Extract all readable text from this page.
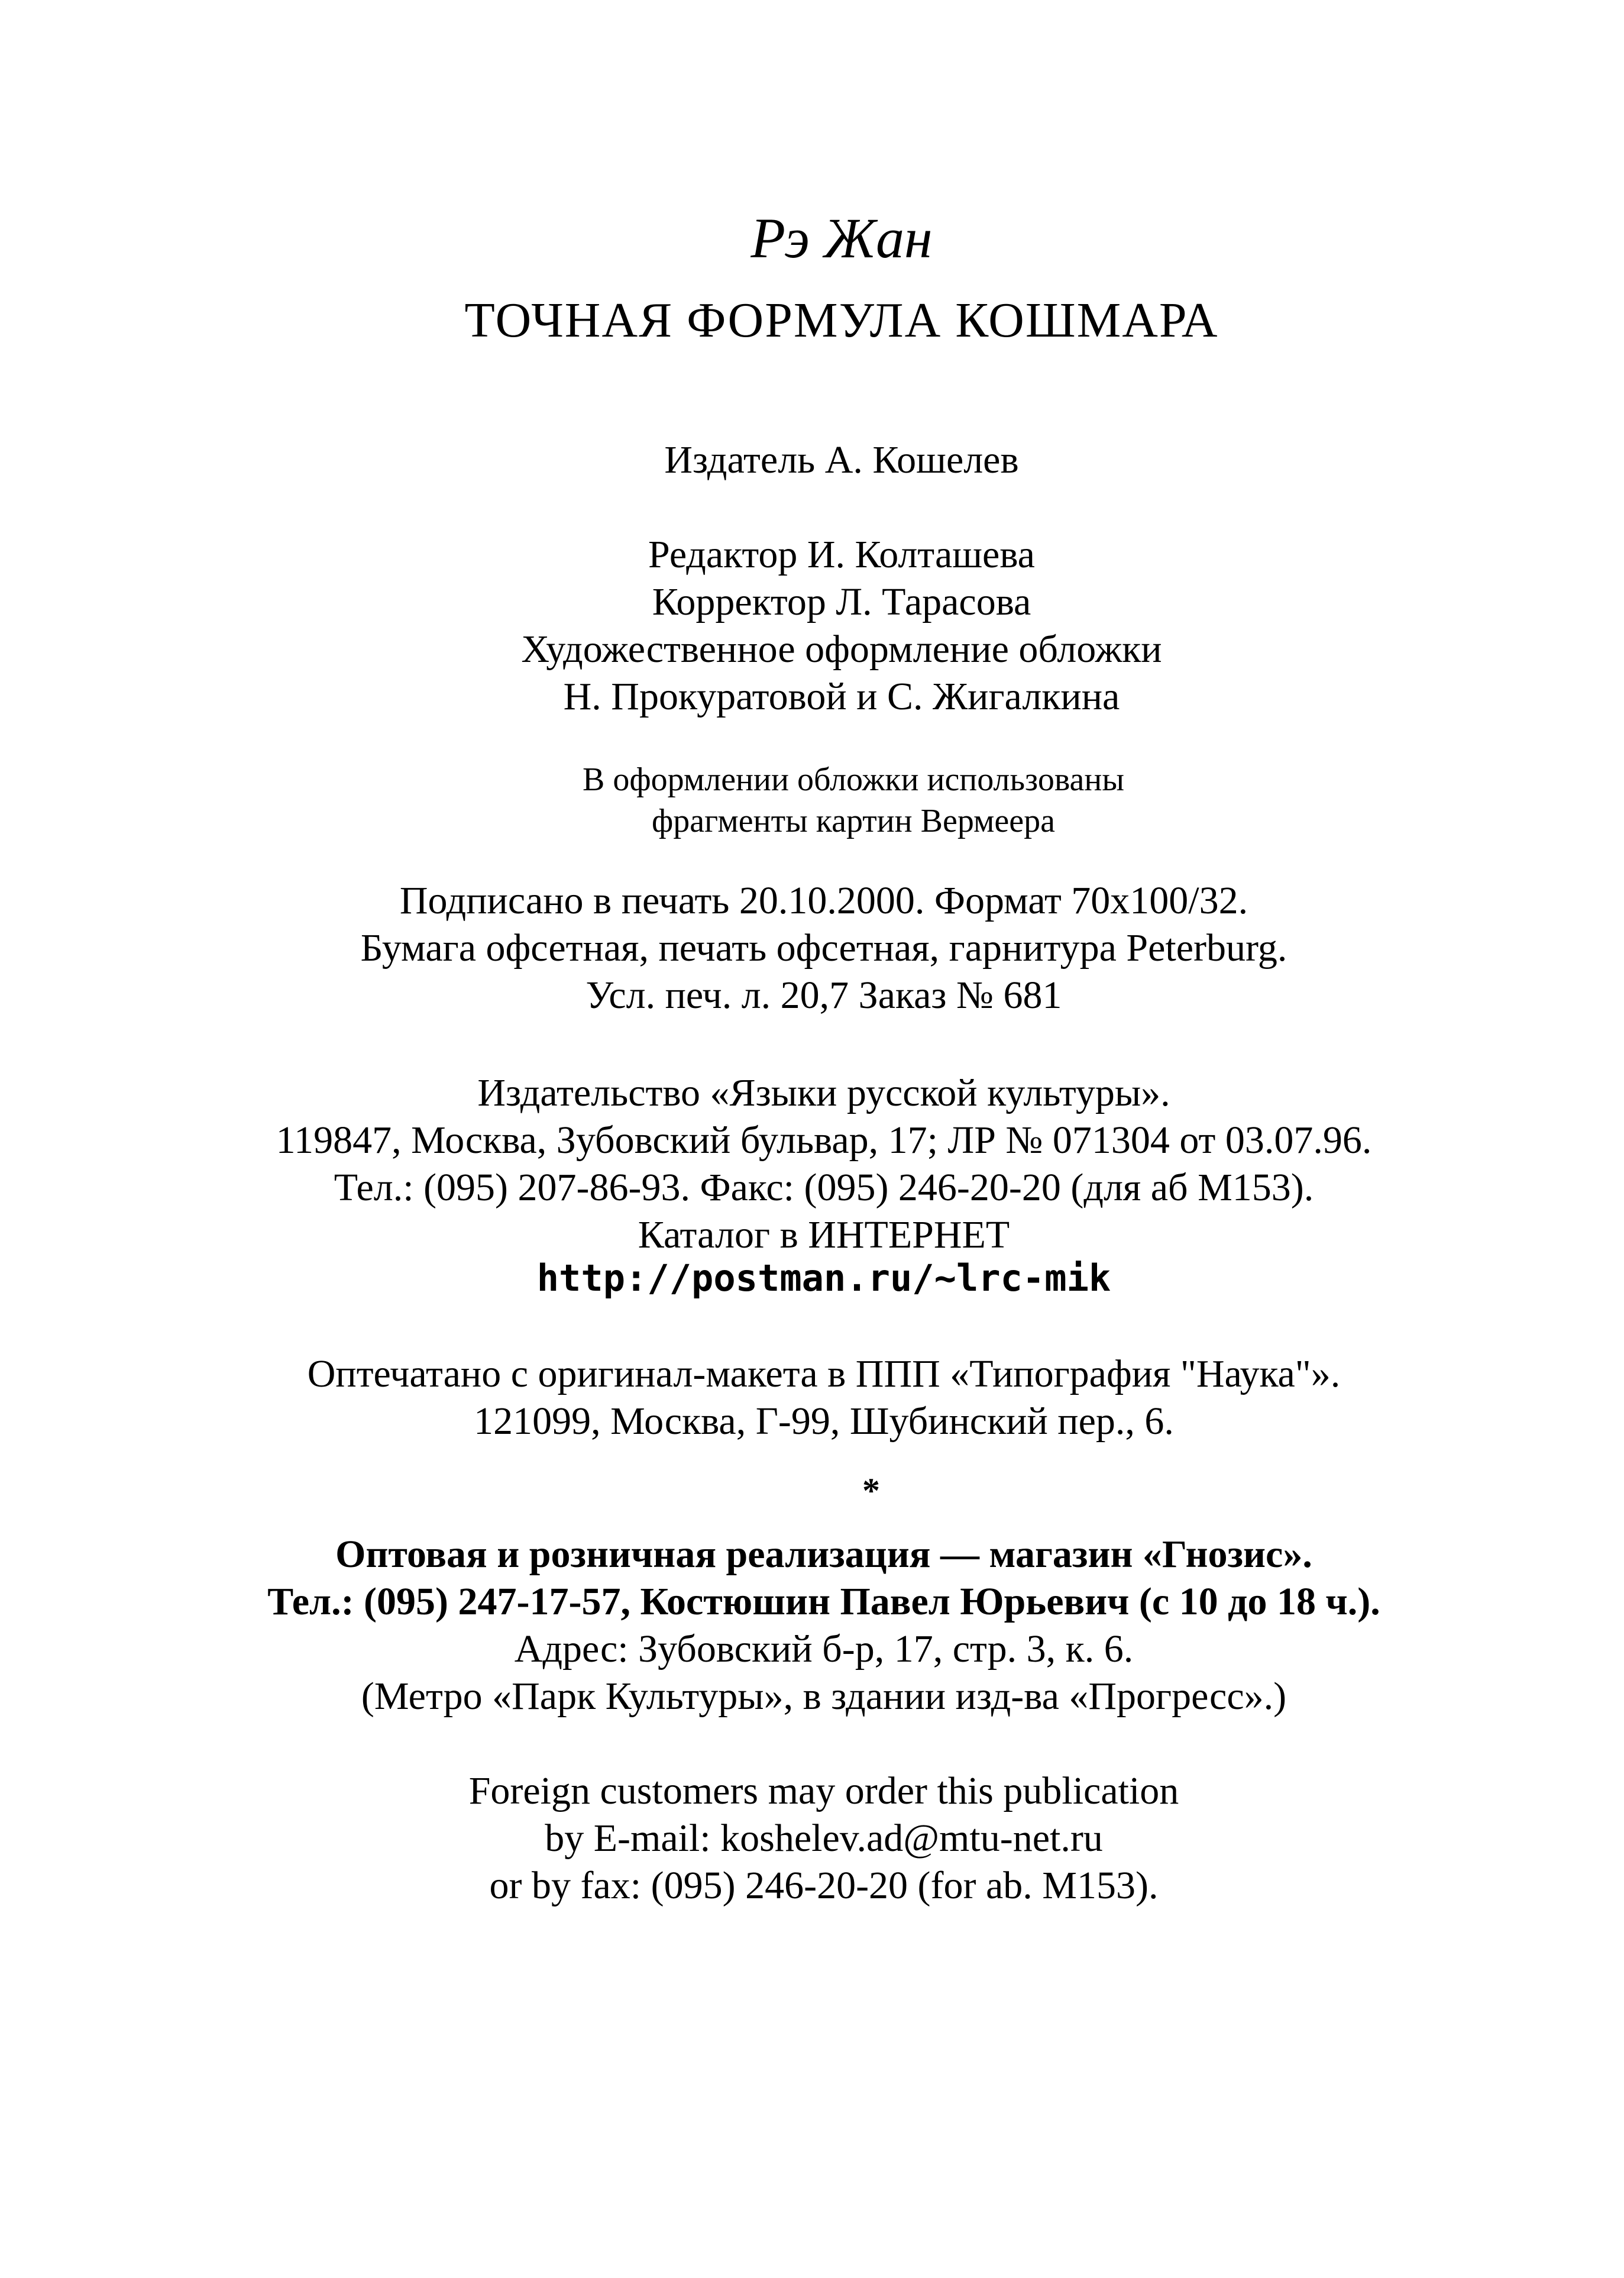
Рэ Жан
ТОЧНАЯ ФОРМУЛА КОШМАРА
Издатель А. Кошелев
Редактор И. Колташева
Корректор Л. Тарасова
Художественное оформление обложки
Н. Прокуратовой и С. Жигалкина
В оформлении обложки использованы
фрагменты картин Вермеера
Подписано в печать 20.10.2000. Формат 70х100/32.
Бумага офсетная, печать офсетная, гарнитура Peterburg.
Усл. печ. л. 20,7 Заказ № 681
Издательство «Языки русской культуры».
119847, Москва, Зубовский бульвар, 17; ЛР № 071304 от 03.07.96.
Тел.: (095) 207-86-93. Факс: (095) 246-20-20 (для аб М153).
Каталог в ИНТЕРНЕТ
http://postman.ru/~lrc-mik
Оптечатано с оригинал-макета в ППП «Типография "Наука"».
121099, Москва, Г-99, Шубинский пер., 6.
*
Оптовая и розничная реализация — магазин «Гнозис».
Тел.: (095) 247-17-57, Костюшин Павел Юрьевич (с 10 до 18 ч.).
Адрес: Зубовский б-р, 17, стр. 3, к. 6.
(Метро «Парк Культуры», в здании изд-ва «Прогресс».)
Foreign customers may order this publication
by E-mail: koshelev.ad@mtu-net.ru
or by fax: (095) 246-20-20 (for ab. M153).
